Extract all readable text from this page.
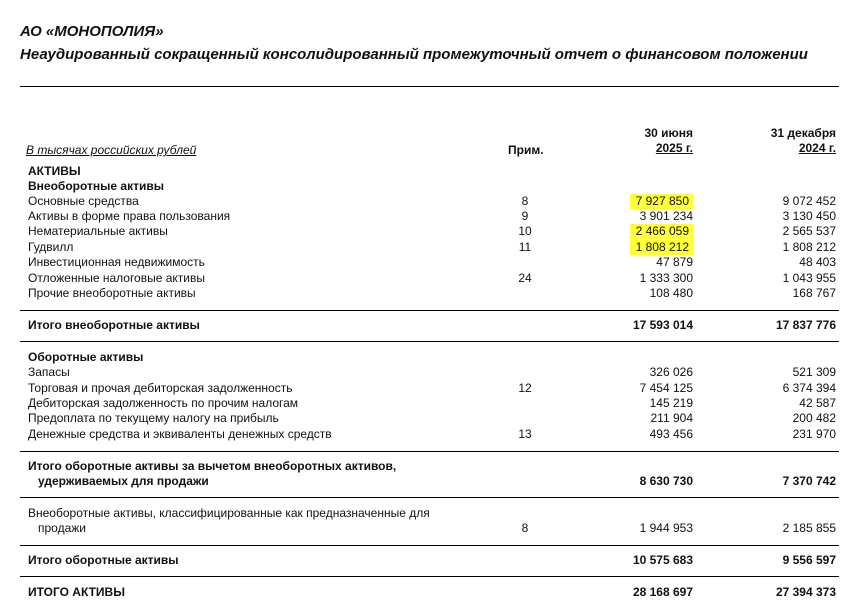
АО «МОНОПОЛИЯ»
Неаудированный сокращенный консолидированный промежуточный отчет о финансовом положении
В тысячах российских рублей	Прим.
30 июня
2025 г.
31 декабря
2024 г.
АКТИВЫ
Внеоборотные активы
Основные средства	8	7 927 850	9 072 452
Активы в форме права пользования	9	3 901 234	3 130 450
Нематериальные активы	10	2 466 059	2 565 537
Гудвилл	11	1 808 212	1 808 212
Инвестиционная недвижимость	47 879	48 403
Отложенные налоговые активы	24	1 333 300	1 043 955
Прочие внеоборотные активы	108 480	168 767
Итого внеоборотные активы	17 593 014	17 837 776
Оборотные активы
Запасы	326 026	521 309
Торговая и прочая дебиторская задолженность	12	7 454 125	6 374 394
Дебиторская задолженность по прочим налогам	145 219	42 587
Предоплата по текущему налогу на прибыль	211 904	200 482
Денежные средства и эквиваленты денежных средств	13	493 456	231 970
Итого оборотные активы за вычетом внеоборотных активов,
удерживаемых для продажи	8 630 730	7 370 742
Внеоборотные активы, классифицированные как предназначенные для
продажи	8	1 944 953	2 185 855
Итого оборотные активы	10 575 683	9 556 597
ИТОГО АКТИВЫ	28 168 697	27 394 373
